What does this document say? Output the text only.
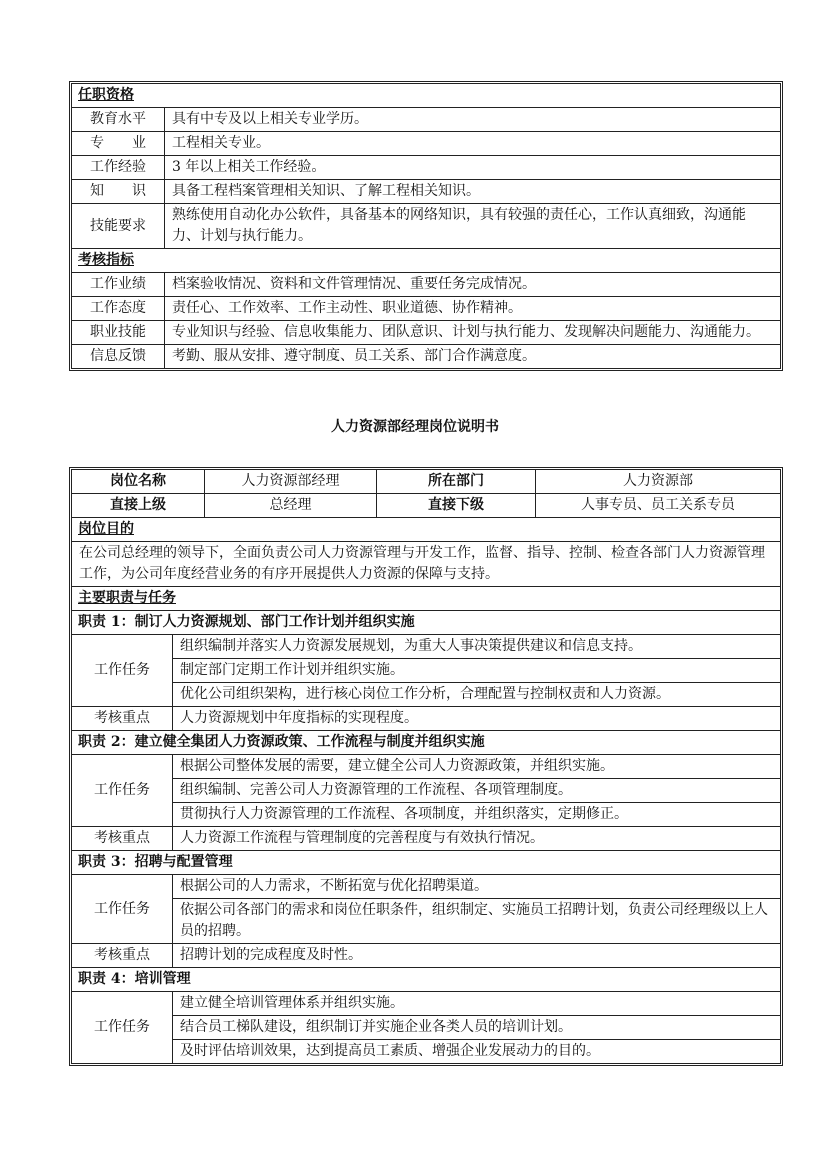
任职资格	
教育水平	具有中专及以上相关专业学历。
专　　业	工程相关专业。
工作经验	3 年以上相关工作经验。
知　　识	具备工程档案管理相关知识、了解工程相关知识。
技能要求	熟练使用自动化办公软件，具备基本的网络知识，具有较强的责任心，工作认真细致，沟通能力、计划与执行能力。
考核指标	
工作业绩	档案验收情况、资料和文件管理情况、重要任务完成情况。
工作态度	责任心、工作效率、工作主动性、职业道德、协作精神。
职业技能	专业知识与经验、信息收集能力、团队意识、计划与执行能力、发现解决问题能力、沟通能力。
信息反馈	考勤、服从安排、遵守制度、员工关系、部门合作满意度。
人力资源部经理岗位说明书
岗位名称		人力资源部经理	所在部门	人力资源部
直接上级		总经理	直接下级	人事专员、员工关系专员
岗位目的				
在公司总经理的领导下，全面负责公司人力资源管理与开发工作，监督、指导、控制、检查各部门人力资源管理工作，为公司年度经营业务的有序开展提供人力资源的保障与支持。				
主要职责与任务				
职责 1：制订人力资源规划、部门工作计划并组织实施				
工作任务	组织编制并落实人力资源发展规划，为重大人事决策提供建议和信息支持。			
	制定部门定期工作计划并组织实施。			
	优化公司组织架构，进行核心岗位工作分析，合理配置与控制权责和人力资源。			
考核重点	人力资源规划中年度指标的实现程度。			
职责 2：建立健全集团人力资源政策、工作流程与制度并组织实施				
工作任务	根据公司整体发展的需要，建立健全公司人力资源政策，并组织实施。			
	组织编制、完善公司人力资源管理的工作流程、各项管理制度。			
	贯彻执行人力资源管理的工作流程、各项制度，并组织落实，定期修正。			
考核重点	人力资源工作流程与管理制度的完善程度与有效执行情况。			
职责 3：招聘与配置管理				
工作任务	根据公司的人力需求，不断拓宽与优化招聘渠道。			
	依据公司各部门的需求和岗位任职条件，组织制定、实施员工招聘计划，负责公司经理级以上人员的招聘。			
考核重点	招聘计划的完成程度及时性。			
职责 4：培训管理				
工作任务	建立健全培训管理体系并组织实施。			
	结合员工梯队建设，组织制订并实施企业各类人员的培训计划。			
	及时评估培训效果，达到提高员工素质、增强企业发展动力的目的。			
